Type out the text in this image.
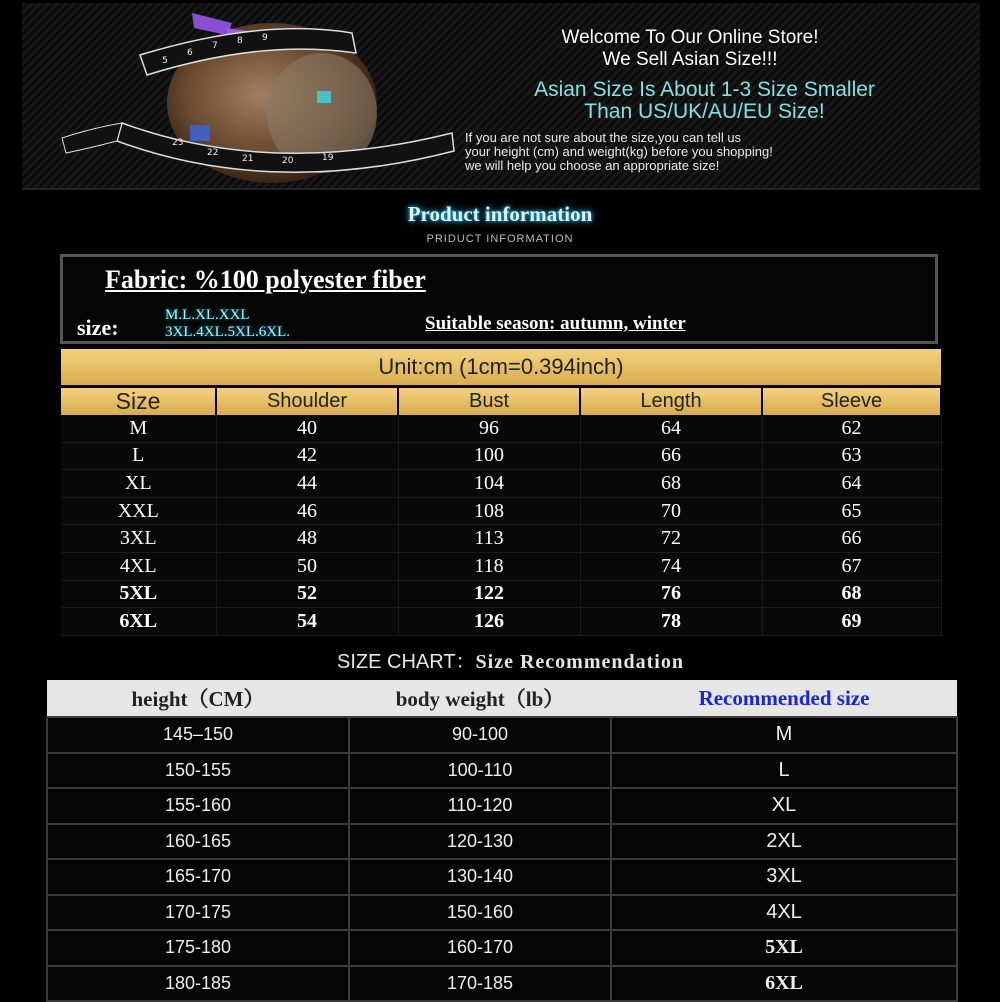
5
6
7 8 9
23
22
21	20	19
Welcome To Our Online Store!
We Sell Asian Size!!!
Asian Size Is About 1-3 Size Smaller
Than US/UK/AU/EU Size!
If you are not sure about the size,you can tell us
your height (cm) and weight(kg) before you shopping!
we will help you choose an appropriate size!
Product information
PRIDUCT INFORMATION
Fabric: %100 polyester fiber
size:	M.L.XL.XXL
3XL.4XL.5XL.6XL.	Suitable season: autumn, winter
Unit:cm (1cm=0.394inch)
Size	Shoulder	Bust	Length	Sleeve
M	40	96	64	62
L	42	100	66	63
XL	44	104	68	64
XXL	46	108	70	65
3XL	48	113	72	66
4XL	50	118	74	67
5XL	52	122	76	68
6XL	54	126	78	69
SIZE CHART：Size Recommendation
height（CM）	body weight（lb）	Recommended size
145–150	90-100	M
150-155	100-110	L
155-160	110-120	XL
160-165	120-130	2XL
165-170	130-140	3XL
170-175	150-160	4XL
175-180	160-170	5XL
180-185	170-185	6XL
